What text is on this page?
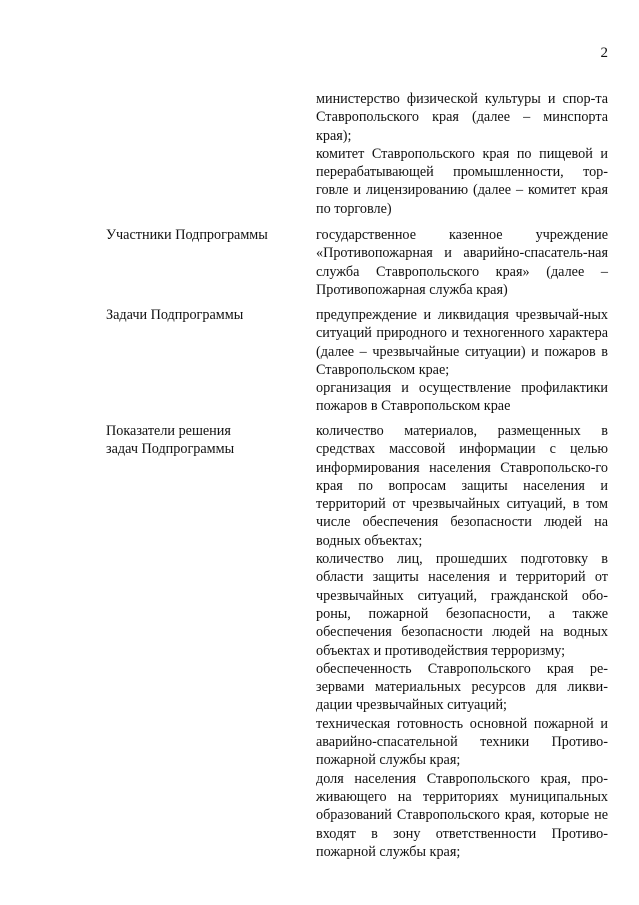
2

министерство физической культуры и спор-та Ставропольского края (далее – минспорта края);

комитет Ставропольского края по пищевой и перерабатывающей промышленности, тор-говле и лицензированию (далее – комитет края по торговле)

Участники Подпрограммы	государственное казенное учреждение «Противопожарная и аварийно-спасатель-ная служба Ставропольского края» (далее – Противопожарная служба края)

Задачи Подпрограммы	предупреждение и ликвидация чрезвычай-ных ситуаций природного и техногенного характера (далее – чрезвычайные ситуации) и пожаров в Ставропольском крае;

организация и осуществление профилактики пожаров в Ставропольском крае

Показатели решения
задач Подпрограммы

количество материалов, размещенных в средствах массовой информации с целью информирования населения Ставропольско-го края по вопросам защиты населения и территорий от чрезвычайных ситуаций, в том числе обеспечения безопасности людей на водных объектах;

количество лиц, прошедших подготовку в области защиты населения и территорий от чрезвычайных ситуаций, гражданской обо-роны, пожарной безопасности, а также обеспечения безопасности людей на водных объектах и противодействия терроризму;

обеспеченность Ставропольского края ре-зервами материальных ресурсов для ликви-дации чрезвычайных ситуаций;

техническая готовность основной пожарной и аварийно-спасательной техники Противо-пожарной службы края;

доля населения Ставропольского края, про-живающего на территориях муниципальных образований Ставропольского края, которые не входят в зону ответственности Противо-пожарной службы края;
